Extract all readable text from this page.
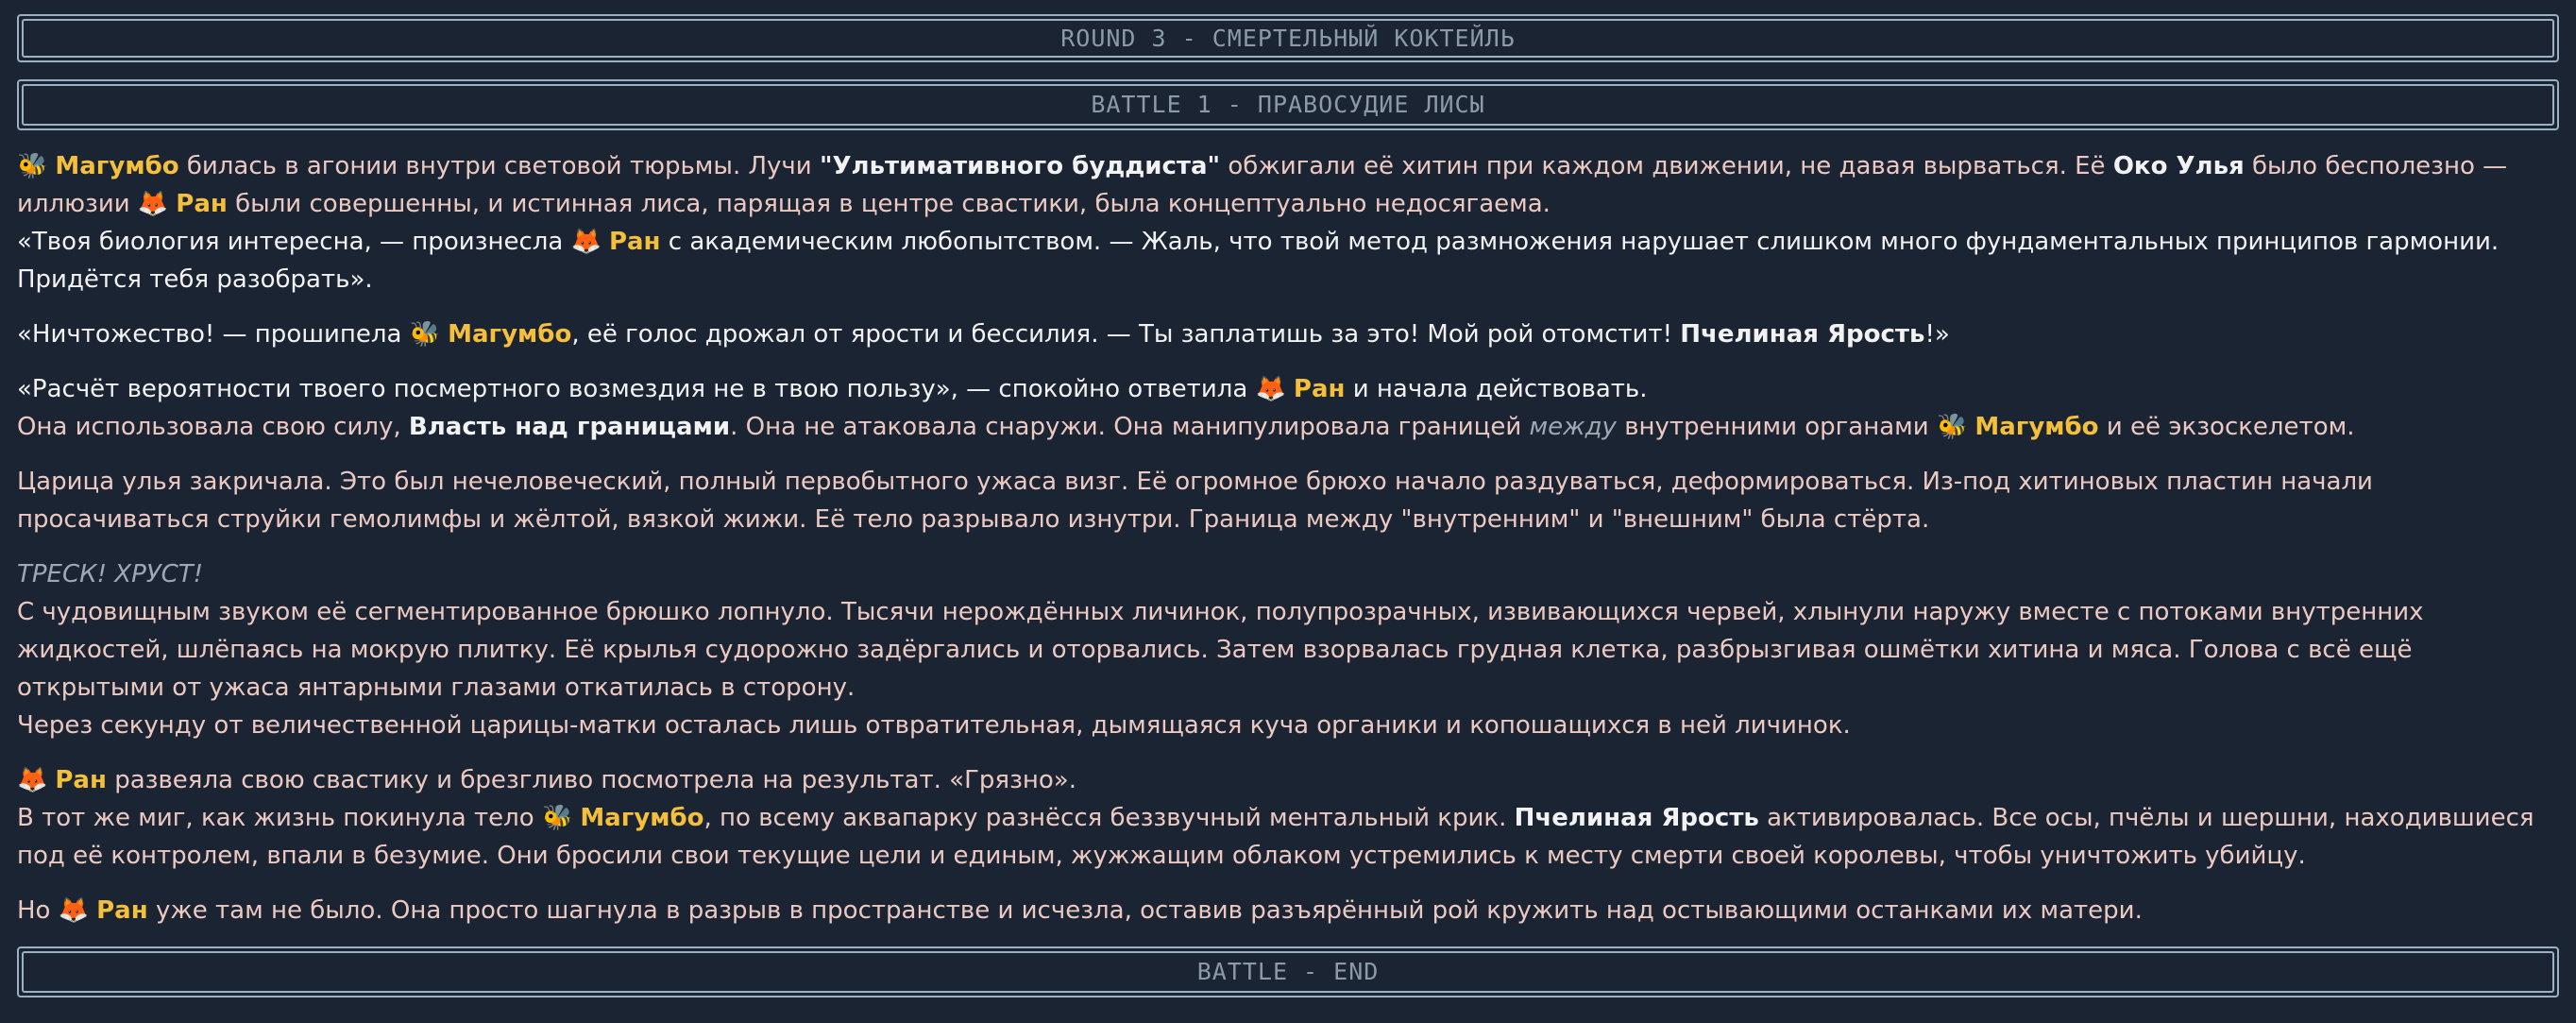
ROUND 3 - СМЕРТЕЛЬНЫЙ КОКТЕЙЛЬ
BATTLE 1 - ПРАВОСУДИЕ ЛИСЫ

🐝 Магумбо билась в агонии внутри световой тюрьмы. Лучи "Ультимативного буддиста" обжигали её хитин при каждом движении, не давая вырваться. Её Око Улья было бесполезно — иллюзии 🦊 Ран были совершенны, и истинная лиса, парящая в центре свастики, была концептуально недосягаема.
«Твоя биология интересна, — произнесла 🦊 Ран с академическим любопытством. — Жаль, что твой метод размножения нарушает слишком много фундаментальных принципов гармонии. Придётся тебя разобрать».

«Ничтожество! — прошипела 🐝 Магумбо, её голос дрожал от ярости и бессилия. — Ты заплатишь за это! Мой рой отомстит! Пчелиная Ярость!»

«Расчёт вероятности твоего посмертного возмездия не в твою пользу», — спокойно ответила 🦊 Ран и начала действовать.
Она использовала свою силу, Власть над границами. Она не атаковала снаружи. Она манипулировала границей между внутренними органами 🐝 Магумбо и её экзоскелетом.

Царица улья закричала. Это был нечеловеческий, полный первобытного ужаса визг. Её огромное брюхо начало раздуваться, деформироваться. Из-под хитиновых пластин начали просачиваться струйки гемолимфы и жёлтой, вязкой жижи. Её тело разрывало изнутри. Граница между "внутренним" и "внешним" была стёрта.

ТРЕСК! ХРУСТ!
С чудовищным звуком её сегментированное брюшко лопнуло. Тысячи нерождённых личинок, полупрозрачных, извивающихся червей, хлынули наружу вместе с потоками внутренних жидкостей, шлёпаясь на мокрую плитку. Её крылья судорожно задёргались и оторвались. Затем взорвалась грудная клетка, разбрызгивая ошмётки хитина и мяса. Голова с всё ещё открытыми от ужаса янтарными глазами откатилась в сторону.
Через секунду от величественной царицы-матки осталась лишь отвратительная, дымящаяся куча органики и копошащихся в ней личинок.

🦊 Ран развеяла свою свастику и брезгливо посмотрела на результат. «Грязно».
В тот же миг, как жизнь покинула тело 🐝 Магумбо, по всему аквапарку разнёсся беззвучный ментальный крик. Пчелиная Ярость активировалась. Все осы, пчёлы и шершни, находившиеся под её контролем, впали в безумие. Они бросили свои текущие цели и единым, жужжащим облаком устремились к месту смерти своей королевы, чтобы уничтожить убийцу.

Но 🦊 Ран уже там не было. Она просто шагнула в разрыв в пространстве и исчезла, оставив разъярённый рой кружить над остывающими останками их матери.

BATTLE - END
